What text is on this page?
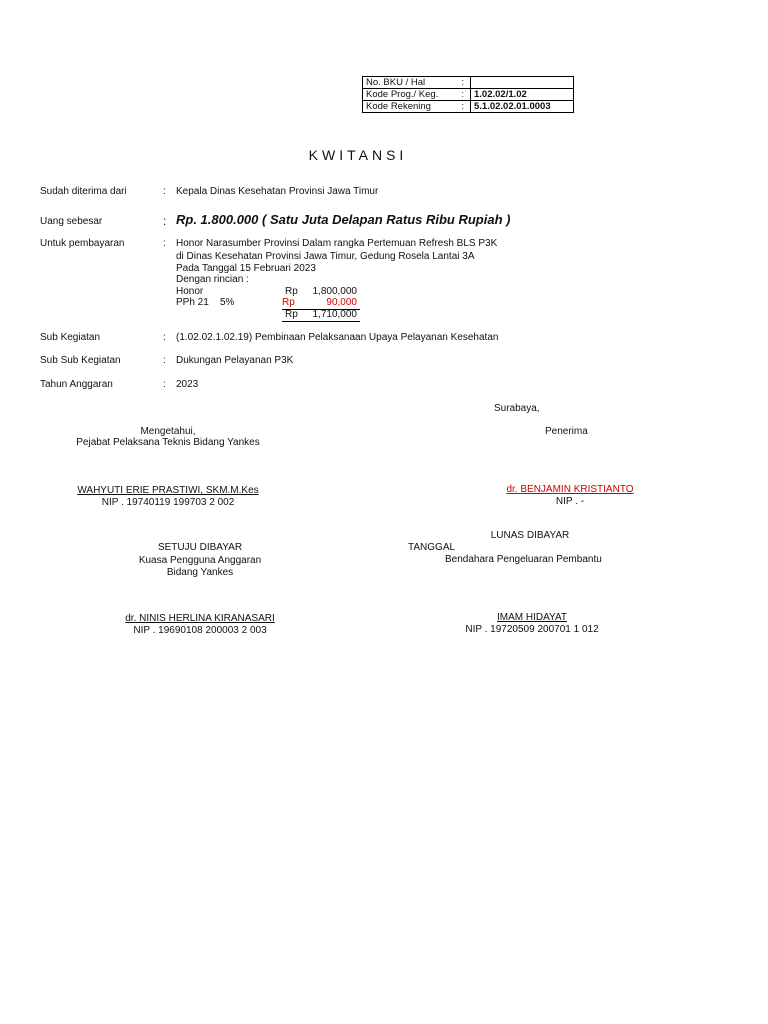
No. BKU / Hal	:	
Kode Prog./ Keg.	:	1.02.02/1.02
Kode Rekening	:	5.1.02.02.01.0003
KWITANSI
Sudah diterima dari	: Kepala Dinas Kesehatan Provinsi Jawa Timur
Uang sebesar	: Rp. 1.800.000 ( Satu Juta Delapan Ratus Ribu Rupiah )
Untuk pembayaran	: Honor Narasumber Provinsi Dalam rangka Pertemuan Refresh BLS P3K
di Dinas Kesehatan Provinsi Jawa Timur, Gedung Rosela Lantai 3A
Pada Tanggal 15 Februari 2023
Dengan rincian :
Honor	Rp	1,800,000
PPh 21 5%	Rp	90,000
Rp	1,710,000
Sub Kegiatan	: (1.02.02.1.02.19) Pembinaan Pelaksanaan Upaya Pelayanan Kesehatan
Sub Sub Kegiatan	: Dukungan Pelayanan P3K
Tahun Anggaran	: 2023
Surabaya,
Mengetahui,
Pejabat Pelaksana Teknis Bidang Yankes
Penerima
WAHYUTI ERIE PRASTIWI, SKM.M.Kes
NIP . 19740119 199703 2 002
dr. BENJAMIN KRISTIANTO
NIP . -
LUNAS DIBAYAR
TANGGAL
Bendahara Pengeluaran Pembantu
SETUJU DIBAYAR
Kuasa Pengguna Anggaran
Bidang Yankes
dr. NINIS HERLINA KIRANASARI
NIP . 19690108 200003 2 003
IMAM HIDAYAT
NIP . 19720509 200701 1 012
